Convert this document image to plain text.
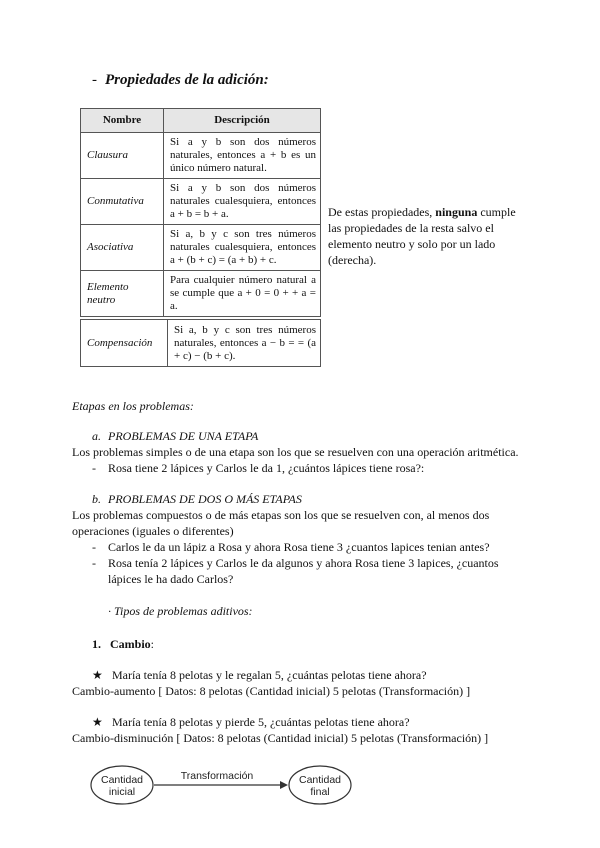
- Propiedades de la adición:
Nombre	Descripción
Clausura	Si a y b son dos números naturales, entonces a + b es un único número natural.
Conmutativa	Si a y b son dos números naturales cualesquiera, entonces a + b = b + a.
Asociativa	Si a, b y c son tres números naturales cualesquiera, entonces a + (b + c) = (a + b) + c.
Elemento neutro	Para cualquier número natural a se cumple que a + 0 = 0 + + a = a.
Compensación	Si a, b y c son tres números naturales, entonces a − b = = (a + c) − (b + c).
De estas propiedades, ninguna cumple las propiedades de la resta salvo el elemento neutro y solo por un lado (derecha).
Etapas en los problemas:
a. PROBLEMAS DE UNA ETAPA
Los problemas simples o de una etapa son los que se resuelven con una operación aritmética.
- Rosa tiene 2 lápices y Carlos le da 1, ¿cuántos lápices tiene rosa?:
b. PROBLEMAS DE DOS O MÁS ETAPAS
Los problemas compuestos o de más etapas son los que se resuelven con, al menos dos
operaciones (iguales o diferentes)
- Carlos le da un lápiz a Rosa y ahora Rosa tiene 3 ¿cuantos lapices tenian antes?
- Rosa tenía 2 lápices y Carlos le da algunos y ahora Rosa tiene 3 lapices, ¿cuantos
lápices le ha dado Carlos?
· Tipos de problemas aditivos:
1. Cambio:
★ María tenía 8 pelotas y le regalan 5, ¿cuántas pelotas tiene ahora?
Cambio-aumento [ Datos: 8 pelotas (Cantidad inicial) 5 pelotas (Transformación) ]
★ María tenía 8 pelotas y pierde 5, ¿cuántas pelotas tiene ahora?
Cambio-disminución [ Datos: 8 pelotas (Cantidad inicial) 5 pelotas (Transformación) ]
Cantidad
inicial
Transformación	Cantidad
final
